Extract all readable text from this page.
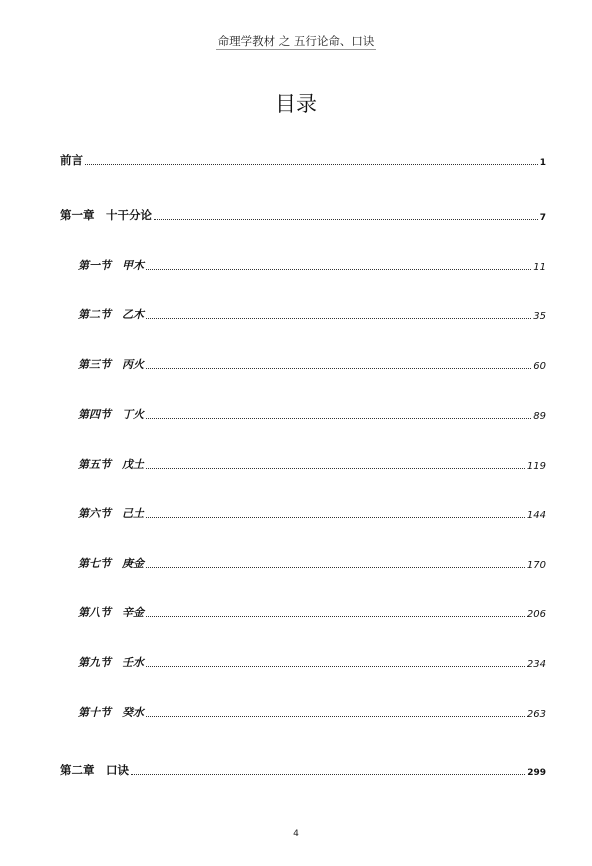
命理学教材 之 五行论命、口诀
目录
前言	1
第一章　十干分论	7
第一节　甲木	11
第二节　乙木	35
第三节　丙火	60
第四节　丁火	89
第五节　戊土	119
第六节　己土	144
第七节　庚金	170
第八节　辛金	206
第九节　壬水	234
第十节　癸水	263
第二章　口诀	299
4
